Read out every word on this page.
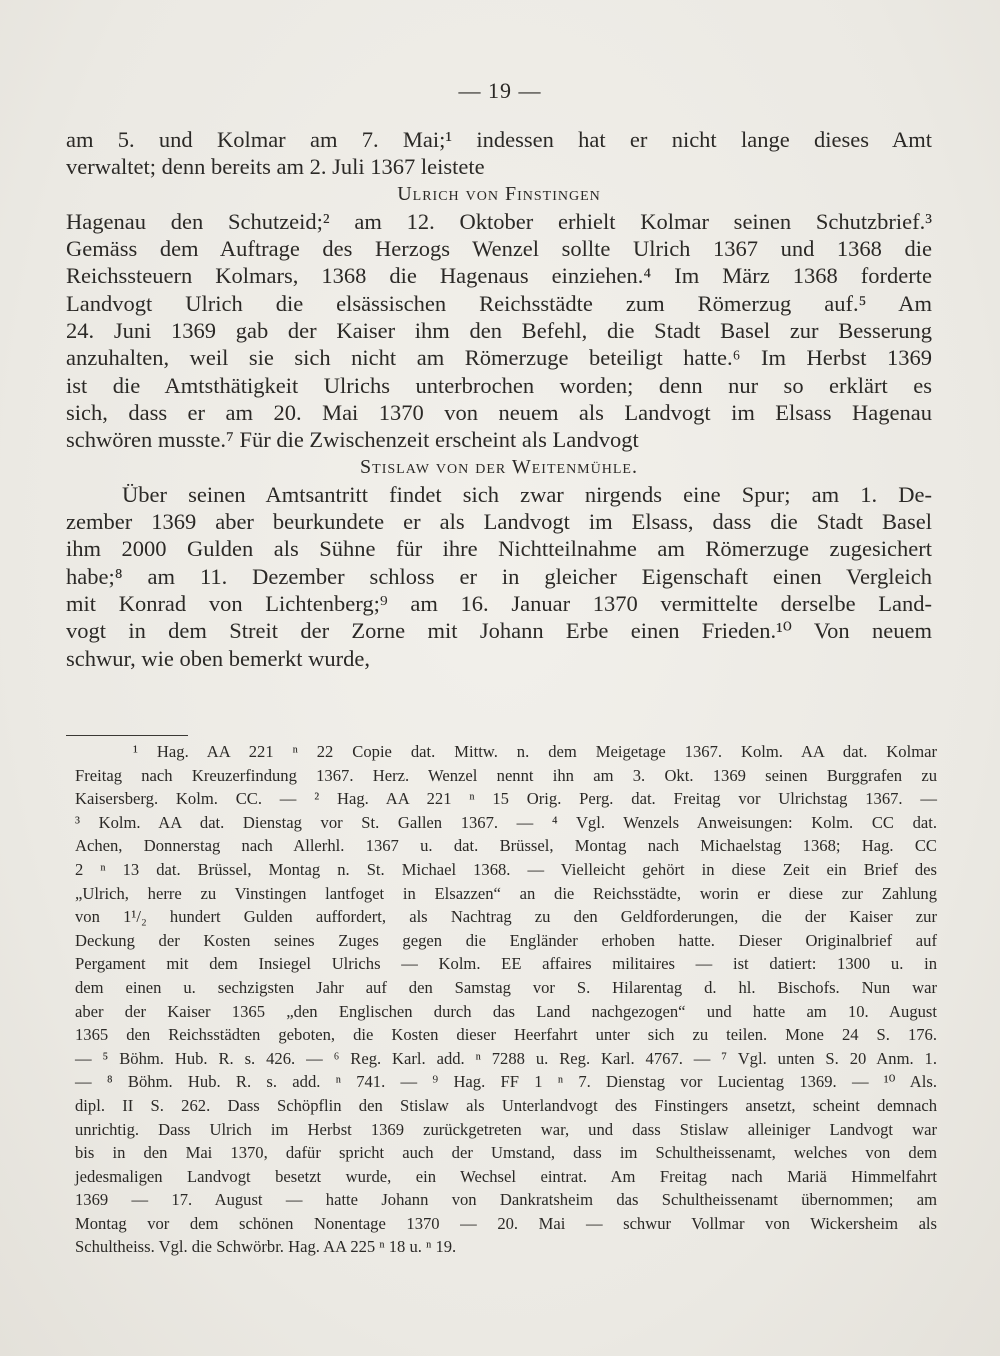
— 19 —
am 5. und Kolmar am 7. Mai;¹ indessen hat er nicht lange dieses Amt
verwaltet; denn bereits am 2. Juli 1367 leistete
Ulrich von Finstingen
Hagenau den Schutzeid;² am 12. Oktober erhielt Kolmar seinen Schutzbrief.³
Gemäss dem Auftrage des Herzogs Wenzel sollte Ulrich 1367 und 1368 die
Reichssteuern Kolmars, 1368 die Hagenaus einziehen.⁴ Im März 1368 forderte
Landvogt Ulrich die elsässischen Reichsstädte zum Römerzug auf.⁵ Am
24. Juni 1369 gab der Kaiser ihm den Befehl, die Stadt Basel zur Besserung
anzuhalten, weil sie sich nicht am Römerzuge beteiligt hatte.⁶ Im Herbst 1369
ist die Amtsthätigkeit Ulrichs unterbrochen worden; denn nur so erklärt es
sich, dass er am 20. Mai 1370 von neuem als Landvogt im Elsass Hagenau
schwören musste.⁷ Für die Zwischenzeit erscheint als Landvogt
Stislaw von der Weitenmühle.
Über seinen Amtsantritt findet sich zwar nirgends eine Spur; am 1. De-
zember 1369 aber beurkundete er als Landvogt im Elsass, dass die Stadt Basel
ihm 2000 Gulden als Sühne für ihre Nichtteilnahme am Römerzuge zugesichert
habe;⁸ am 11. Dezember schloss er in gleicher Eigenschaft einen Vergleich
mit Konrad von Lichtenberg;⁹ am 16. Januar 1370 vermittelte derselbe Land-
vogt in dem Streit der Zorne mit Johann Erbe einen Frieden.¹⁰ Von neuem
schwur, wie oben bemerkt wurde,
¹ Hag. AA 221 ⁿ 22 Copie dat. Mittw. n. dem Meigetage 1367. Kolm. AA dat. Kolmar
Freitag nach Kreuzerfindung 1367. Herz. Wenzel nennt ihn am 3. Okt. 1369 seinen Burggrafen zu
Kaisersberg. Kolm. CC. — ² Hag. AA 221 ⁿ 15 Orig. Perg. dat. Freitag vor Ulrichstag 1367. —
³ Kolm. AA dat. Dienstag vor St. Gallen 1367. — ⁴ Vgl. Wenzels Anweisungen: Kolm. CC dat.
Achen, Donnerstag nach Allerhl. 1367 u. dat. Brüssel, Montag nach Michaelstag 1368; Hag. CC
2 ⁿ 13 dat. Brüssel, Montag n. St. Michael 1368. — Vielleicht gehört in diese Zeit ein Brief des
„Ulrich, herre zu Vinstingen lantfoget in Elsazzen“ an die Reichsstädte, worin er diese zur Zahlung
von 1¹/₂ hundert Gulden auffordert, als Nachtrag zu den Geldforderungen, die der Kaiser zur
Deckung der Kosten seines Zuges gegen die Engländer erhoben hatte. Dieser Originalbrief auf
Pergament mit dem Insiegel Ulrichs — Kolm. EE affaires militaires — ist datiert: 1300 u. in
dem einen u. sechzigsten Jahr auf den Samstag vor S. Hilarentag d. hl. Bischofs. Nun war
aber der Kaiser 1365 „den Englischen durch das Land nachgezogen“ und hatte am 10. August
1365 den Reichsstädten geboten, die Kosten dieser Heerfahrt unter sich zu teilen. Mone 24 S. 176.
— ⁵ Böhm. Hub. R. s. 426. — ⁶ Reg. Karl. add. ⁿ 7288 u. Reg. Karl. 4767. — ⁷ Vgl. unten S. 20 Anm. 1.
— ⁸ Böhm. Hub. R. s. add. ⁿ 741. — ⁹ Hag. FF 1 ⁿ 7. Dienstag vor Lucientag 1369. — ¹⁰ Als.
dipl. II S. 262. Dass Schöpflin den Stislaw als Unterlandvogt des Finstingers ansetzt, scheint demnach
unrichtig. Dass Ulrich im Herbst 1369 zurückgetreten war, und dass Stislaw alleiniger Landvogt war
bis in den Mai 1370, dafür spricht auch der Umstand, dass im Schultheissenamt, welches von dem
jedesmaligen Landvogt besetzt wurde, ein Wechsel eintrat. Am Freitag nach Mariä Himmelfahrt
1369 — 17. August — hatte Johann von Dankratsheim das Schultheissenamt übernommen; am
Montag vor dem schönen Nonentage 1370 — 20. Mai — schwur Vollmar von Wickersheim als
Schultheiss. Vgl. die Schwörbr. Hag. AA 225 ⁿ 18 u. ⁿ 19.
